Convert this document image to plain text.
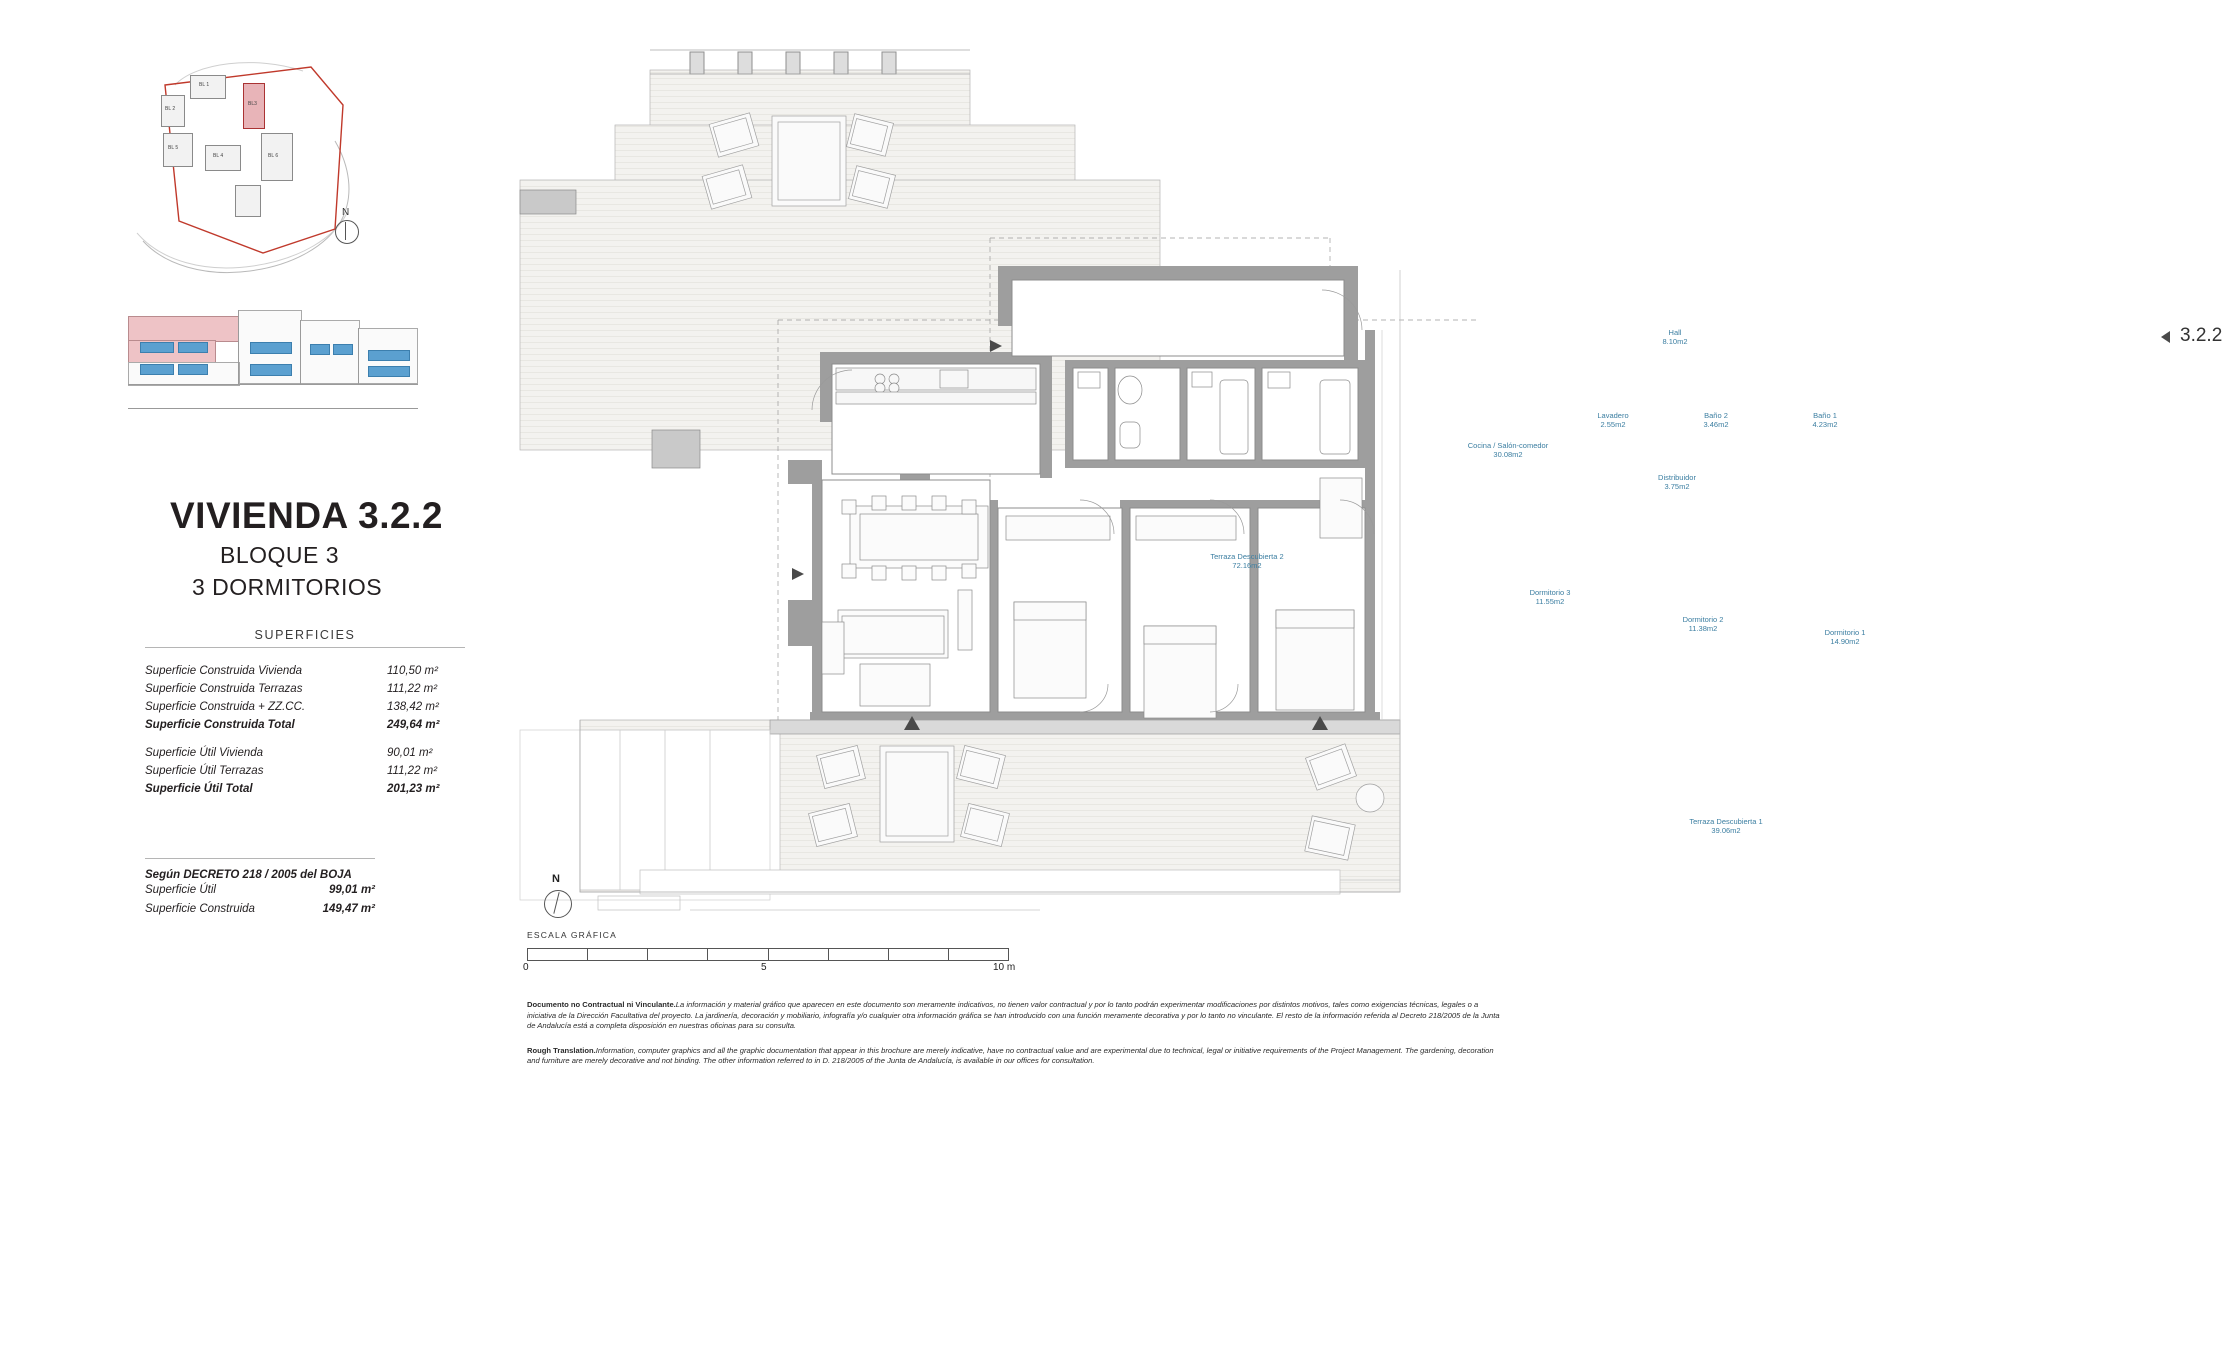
BL 1
BL 2
BL 5
BL 4
BL3
BL 6
N
VIVIENDA 3.2.2
BLOQUE 3
3 DORMITORIOS
SUPERFICIES
Superficie Construida Vivienda	110,50 m²
Superficie Construida Terrazas	111,22 m²
Superficie Construida + ZZ.CC.	138,42 m²
Superficie Construida Total	249,64 m²
Superficie Útil Vivienda	90,01 m²
Superficie Útil Terrazas	111,22 m²
Superficie Útil Total	201,23 m²
Según DECRETO 218 / 2005 del BOJA
Superficie Útil	99,01 m²
Superficie Construida	149,47 m²
3.2.2
Hall
8.10m2
Lavadero
2.55m2
Baño 2
3.46m2
Baño 1
4.23m2
Cocina / Salón-comedor
30.08m2
Distribuidor
3.75m2
Terraza Descubierta 2
72.16m2
Dormitorio 3
11.55m2
Dormitorio 2
11.38m2	Dormitorio 1
14.90m2
Terraza Descubierta 1
39.06m2
N
ESCALA GRÁFICA
0	5	10 m

Documento no Contractual ni Vinculante.La información y material gráfico que aparecen en este documento son meramente indicativos, no tienen valor contractual y por lo tanto podrán experimentar modificaciones por distintos motivos, tales como exigencias técnicas, legales o a iniciativa de la Dirección Facultativa del proyecto. La jardinería, decoración y mobiliario, infografía y/o cualquier otra información gráfica se han introducido con una función meramente decorativa y por lo tanto no vinculante. El resto de la información referida al Decreto 218/2005 de la Junta de Andalucía está a completa disposición en nuestras oficinas para su consulta.

Rough Translation.Information, computer graphics and all the graphic documentation that appear in this brochure are merely indicative, have no contractual value and are experimental due to technical, legal or initiative requirements of the Project Management. The gardening, decoration and furniture are merely decorative and not binding. The other information referred to in D. 218/2005 of the Junta de Andalucía, is available in our offices for consultation.
